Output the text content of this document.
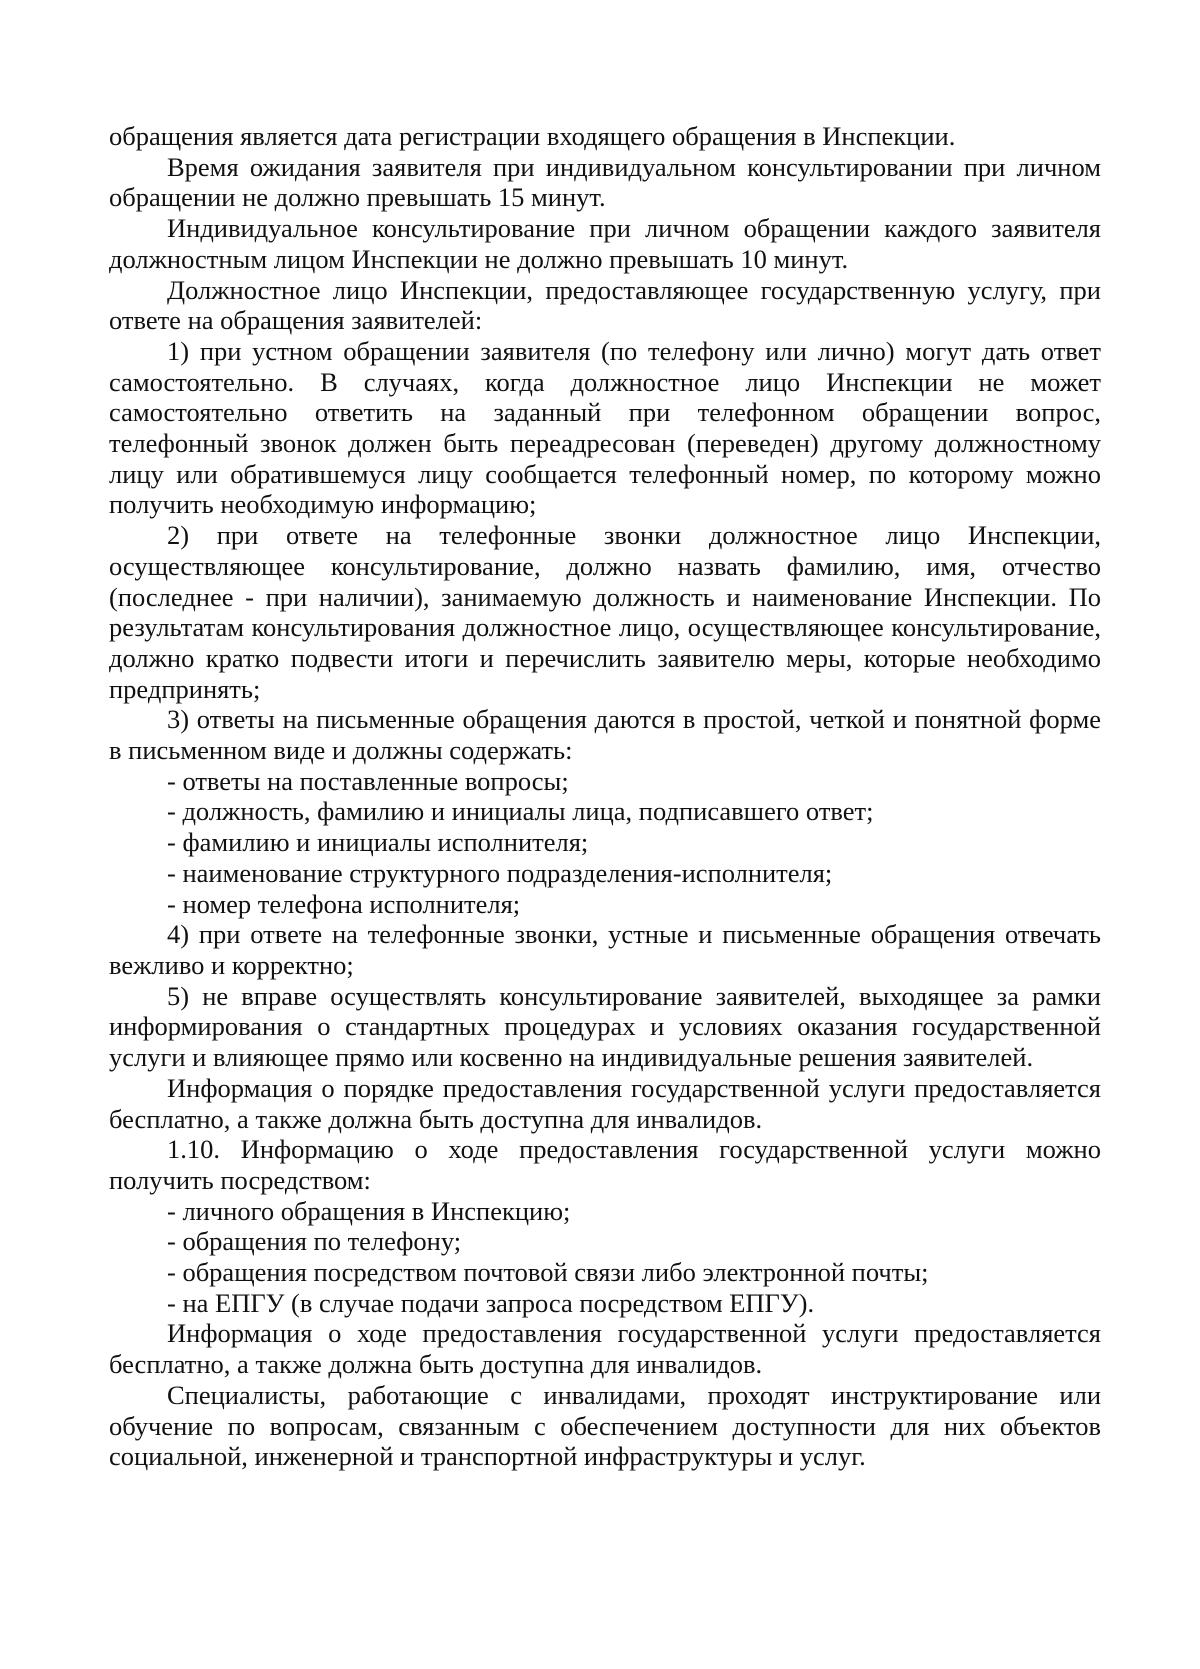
обращения является дата регистрации входящего обращения в Инспекции.

Время ожидания заявителя при индивидуальном консультировании при личном обращении не должно превышать 15 минут.

Индивидуальное консультирование при личном обращении каждого заявителя должностным лицом Инспекции не должно превышать 10 минут.

Должностное лицо Инспекции, предоставляющее государственную услугу, при ответе на обращения заявителей:

1) при устном обращении заявителя (по телефону или лично) могут дать ответ самостоятельно. В случаях, когда должностное лицо Инспекции не может самостоятельно ответить на заданный при телефонном обращении вопрос, телефонный звонок должен быть переадресован (переведен) другому должностному лицу или обратившемуся лицу сообщается телефонный номер, по которому можно получить необходимую информацию;

2) при ответе на телефонные звонки должностное лицо Инспекции, осуществляющее консультирование, должно назвать фамилию, имя, отчество (последнее - при наличии), занимаемую должность и наименование Инспекции. По результатам консультирования должностное лицо, осуществляющее консультирование, должно кратко подвести итоги и перечислить заявителю меры, которые необходимо предпринять;

3) ответы на письменные обращения даются в простой, четкой и понятной форме в письменном виде и должны содержать:

- ответы на поставленные вопросы;

- должность, фамилию и инициалы лица, подписавшего ответ;

- фамилию и инициалы исполнителя;

- наименование структурного подразделения-исполнителя;

- номер телефона исполнителя;

4) при ответе на телефонные звонки, устные и письменные обращения отвечать вежливо и корректно;

5) не вправе осуществлять консультирование заявителей, выходящее за рамки информирования о стандартных процедурах и условиях оказания государственной услуги и влияющее прямо или косвенно на индивидуальные решения заявителей.

Информация о порядке предоставления государственной услуги предоставляется бесплатно, а также должна быть доступна для инвалидов.

1.10. Информацию о ходе предоставления государственной услуги можно получить посредством:

- личного обращения в Инспекцию;

- обращения по телефону;

- обращения посредством почтовой связи либо электронной почты;

- на ЕПГУ (в случае подачи запроса посредством ЕПГУ).

Информация о ходе предоставления государственной услуги предоставляется бесплатно, а также должна быть доступна для инвалидов.

Специалисты, работающие с инвалидами, проходят инструктирование или обучение по вопросам, связанным с обеспечением доступности для них объектов социальной, инженерной и транспортной инфраструктуры и услуг.
